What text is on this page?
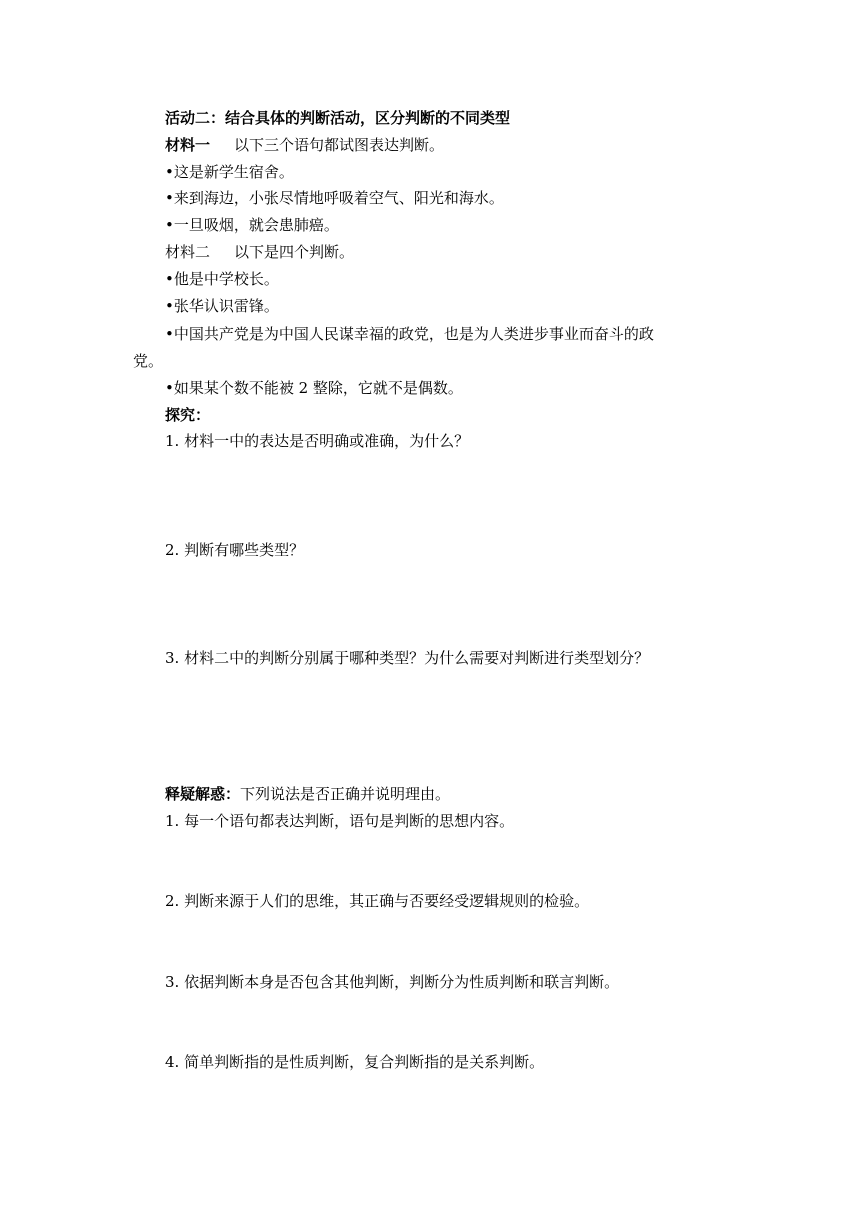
活动二：结合具体的判断活动，区分判断的不同类型
材料一 以下三个语句都试图表达判断。
•这是新学生宿舍。
•来到海边，小张尽情地呼吸着空气、阳光和海水。
•一旦吸烟，就会患肺癌。
材料二 以下是四个判断。
•他是中学校长。
•张华认识雷锋。
•中国共产党是为中国人民谋幸福的政党，也是为人类进步事业而奋斗的政
党。
•如果某个数不能被 2 整除，它就不是偶数。
探究：
1. 材料一中的表达是否明确或准确，为什么？
2. 判断有哪些类型？
3. 材料二中的判断分别属于哪种类型？为什么需要对判断进行类型划分？
释疑解惑：下列说法是否正确并说明理由。
1. 每一个语句都表达判断，语句是判断的思想内容。
2. 判断来源于人们的思维，其正确与否要经受逻辑规则的检验。
3. 依据判断本身是否包含其他判断，判断分为性质判断和联言判断。
4. 简单判断指的是性质判断，复合判断指的是关系判断。
